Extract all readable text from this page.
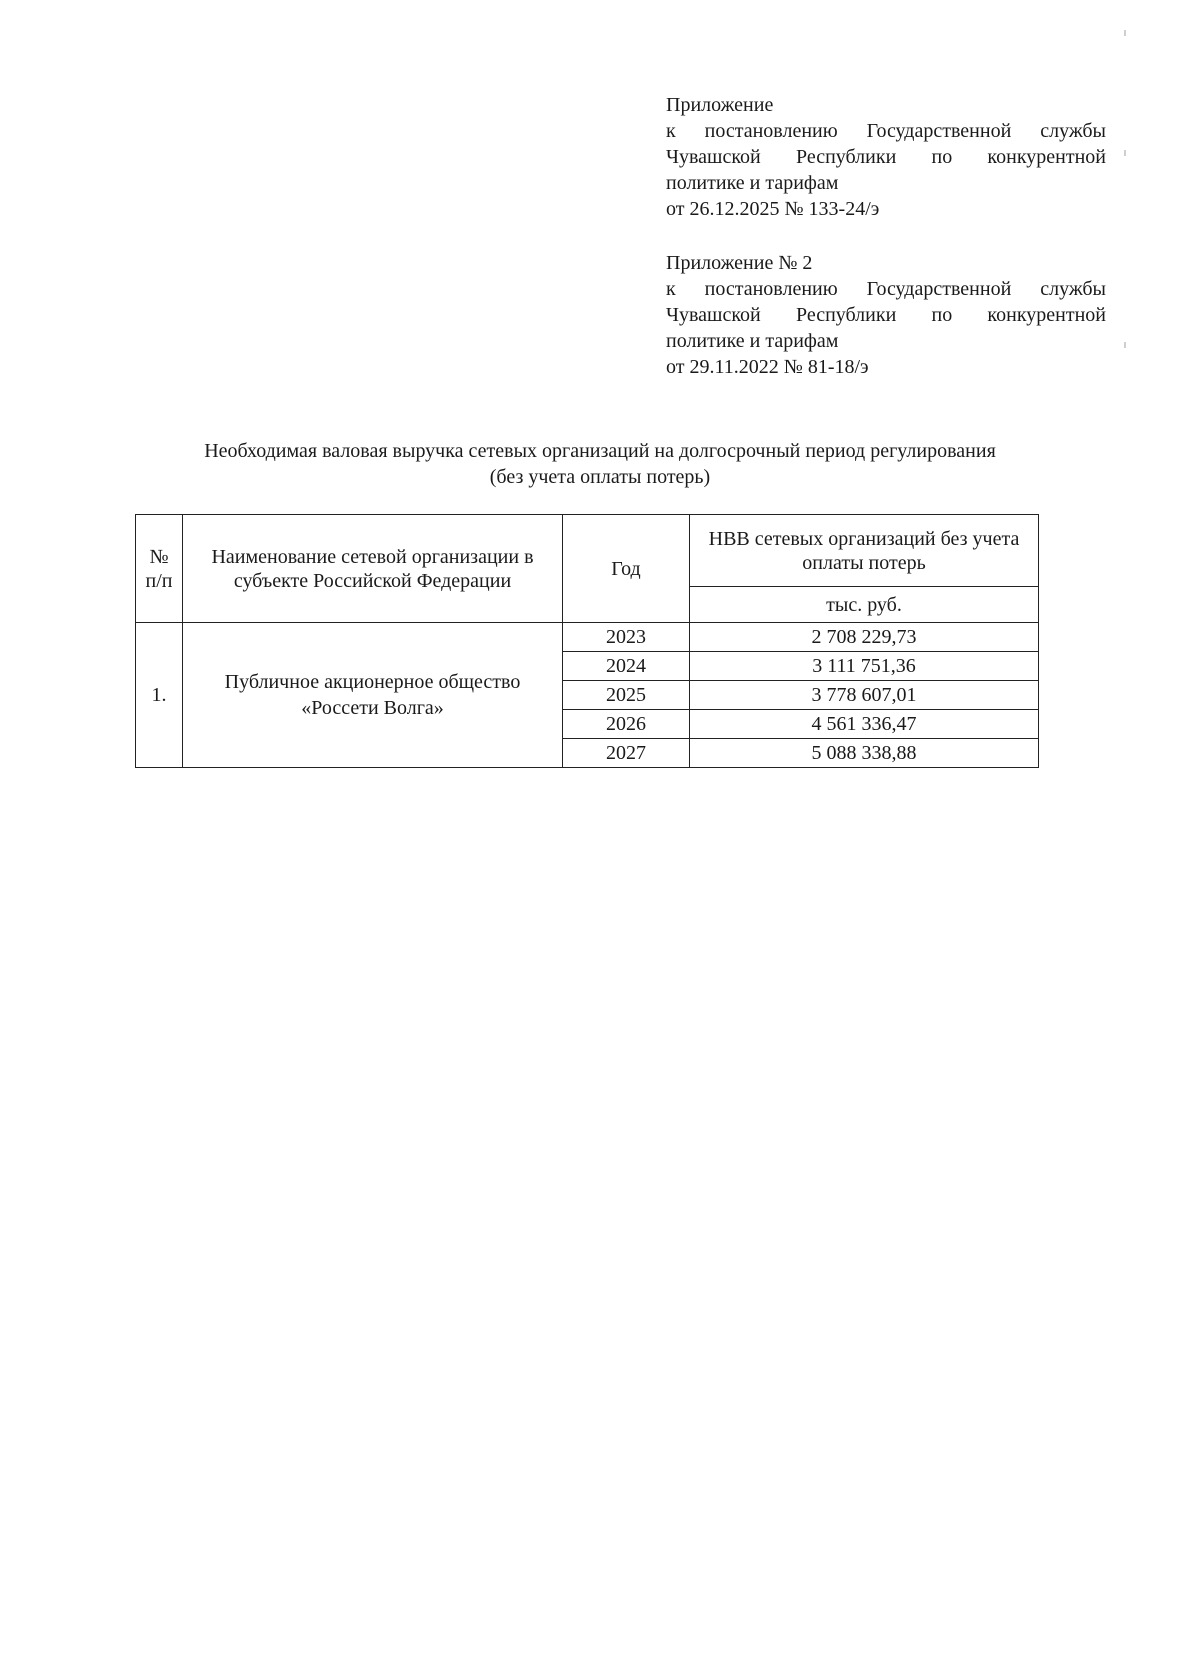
Приложение
к постановлению Государственной службы
Чувашской Республики по конкурентной
политике и тарифам
от 26.12.2025 № 133-24/э
Приложение № 2
к постановлению Государственной службы
Чувашской Республики по конкурентной
политике и тарифам
от 29.11.2022 № 81-18/э
Необходимая валовая выручка сетевых организаций на долгосрочный период регулирования
(без учета оплаты потерь)
№ п/п	Наименование сетевой организации в субъекте Российской Федерации	Год	НВВ сетевых организаций без учета оплаты потерь
			тыс. руб.
1.	Публичное акционерное общество «Россети Волга»	2023	2 708 229,73
		2024	3 111 751,36
		2025	3 778 607,01
		2026	4 561 336,47
		2027	5 088 338,88
